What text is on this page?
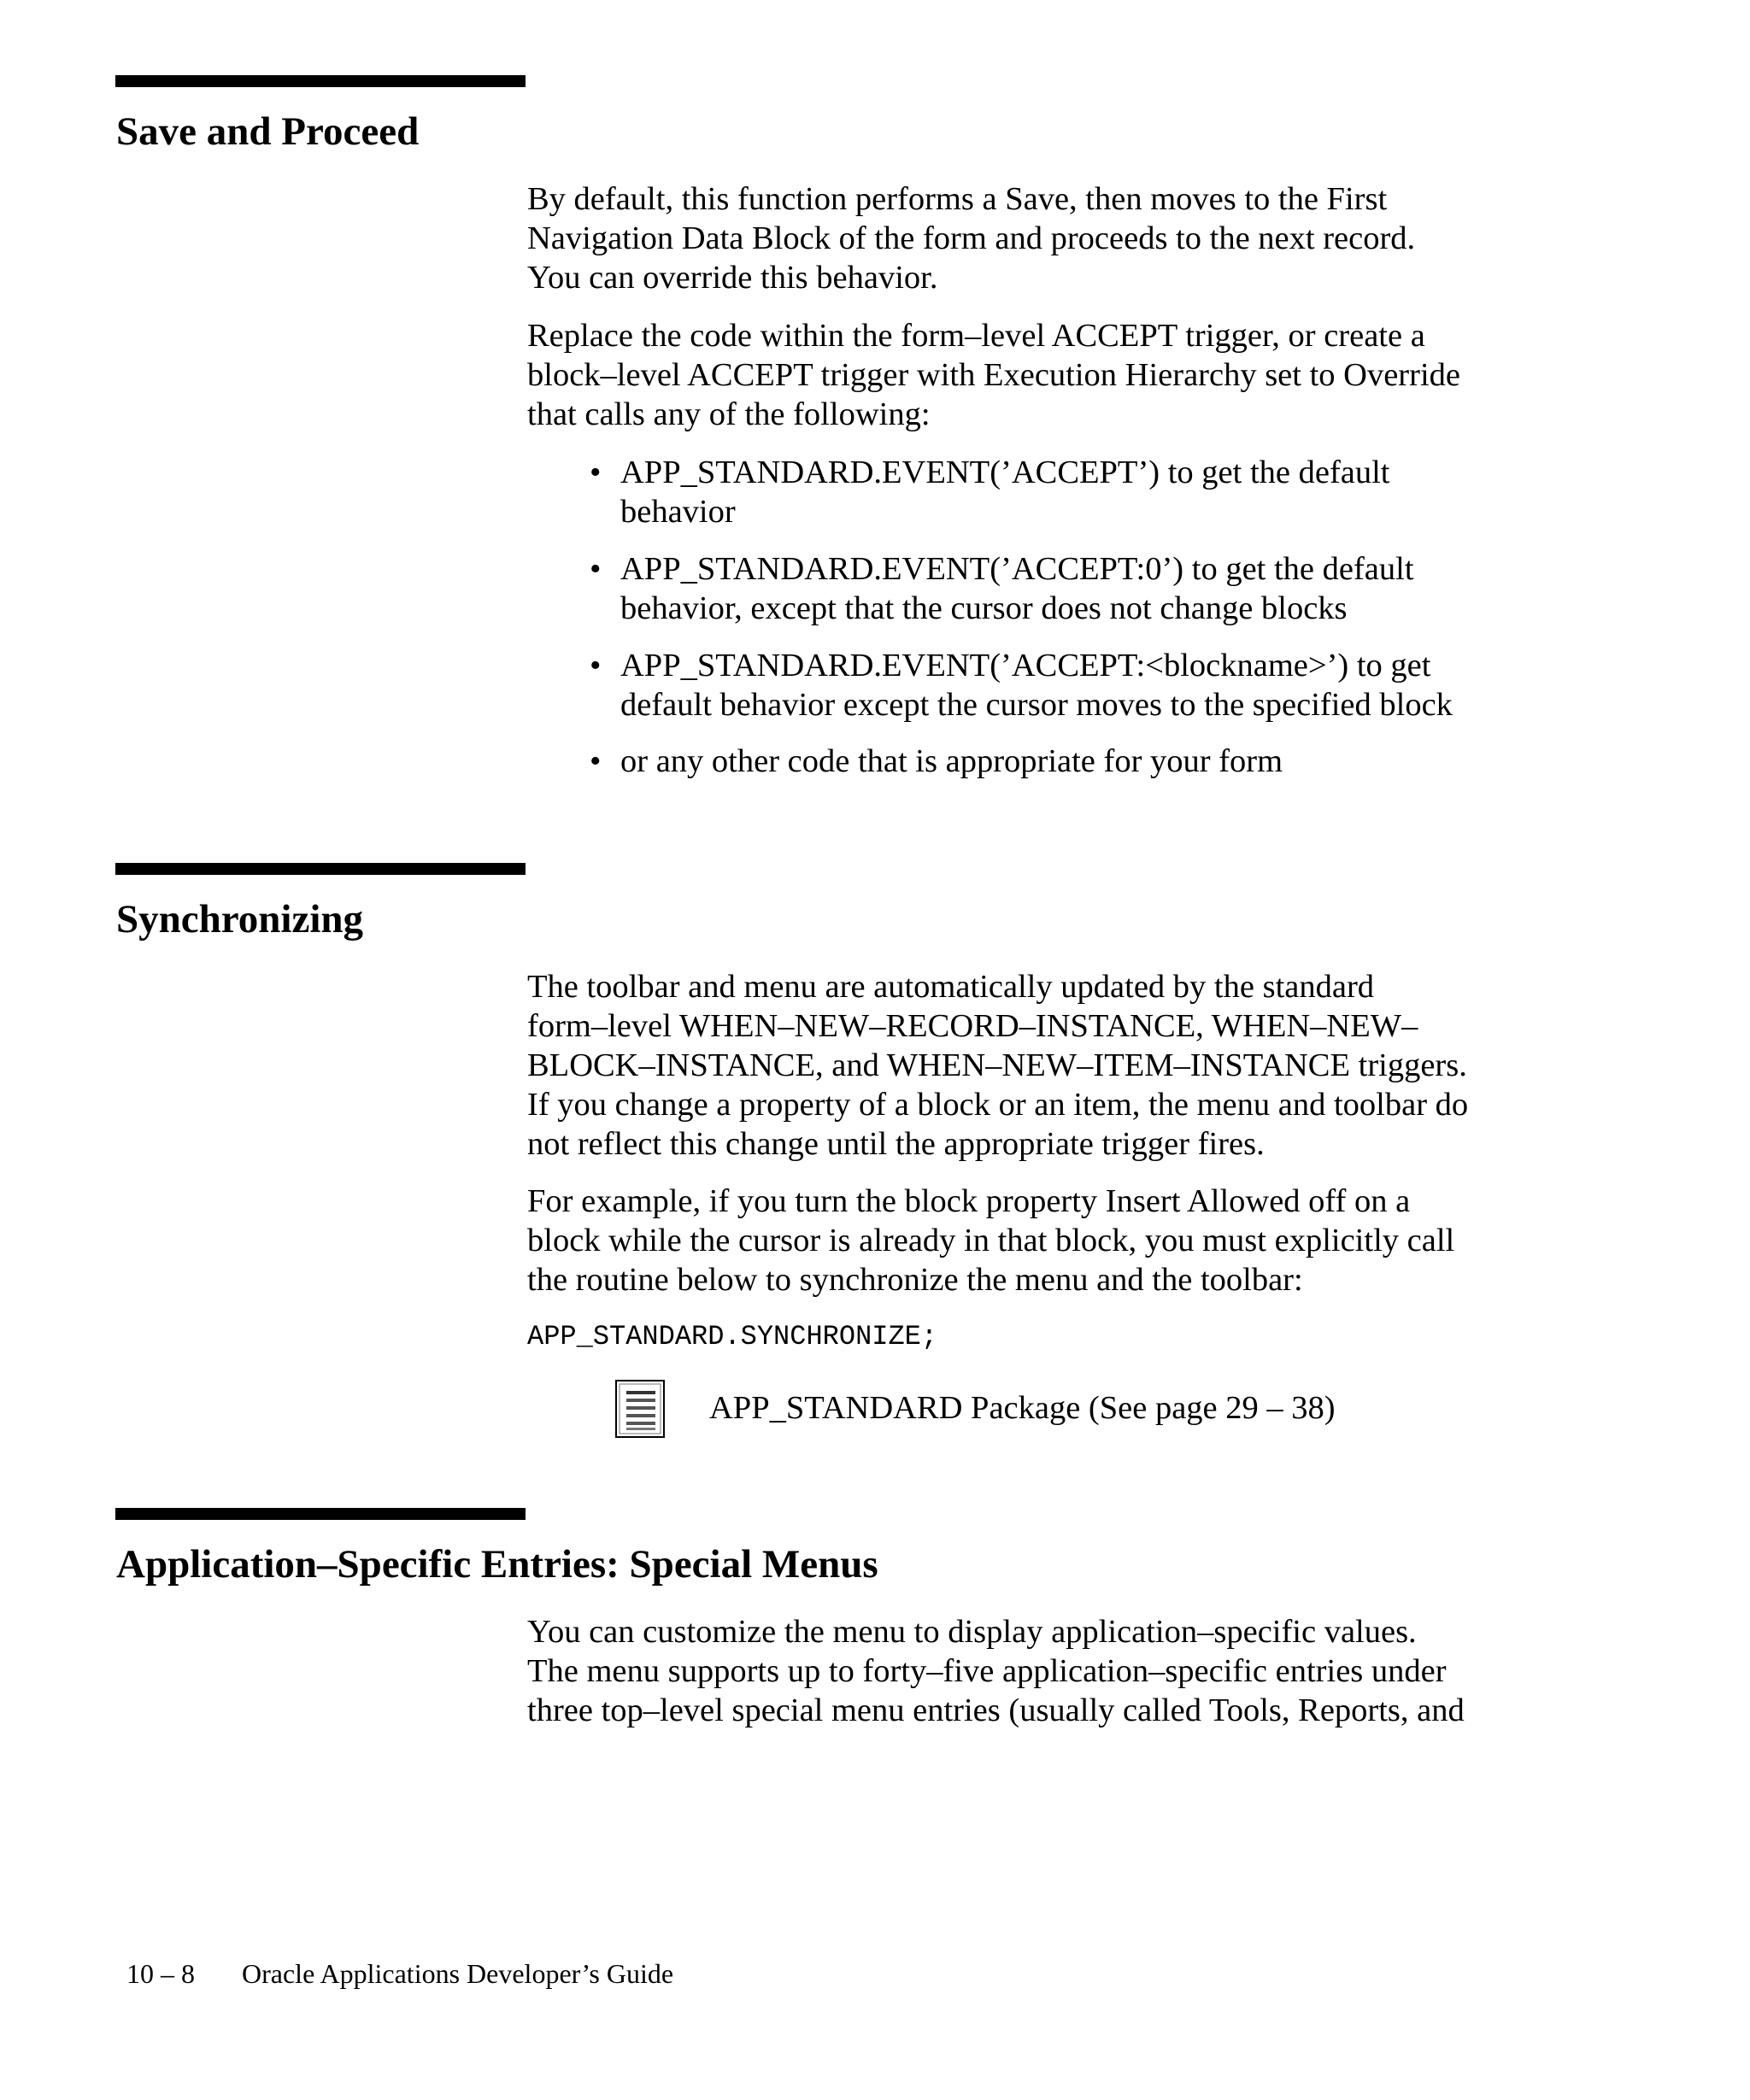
Save and Proceed

By default, this function performs a Save, then moves to the First
Navigation Data Block of the form and proceeds to the next record.
You can override this behavior.

Replace the code within the form–level ACCEPT trigger, or create a
block–level ACCEPT trigger with Execution Hierarchy set to Override
that calls any of the following:

• APP_STANDARD.EVENT(’ACCEPT’) to get the default
behavior
• APP_STANDARD.EVENT(’ACCEPT:0’) to get the default
behavior, except that the cursor does not change blocks
• APP_STANDARD.EVENT(’ACCEPT:<blockname>’) to get
default behavior except the cursor moves to the specified block
• or any other code that is appropriate for your form
Synchronizing

The toolbar and menu are automatically updated by the standard
form–level WHEN–NEW–RECORD–INSTANCE, WHEN–NEW–
BLOCK–INSTANCE, and WHEN–NEW–ITEM–INSTANCE triggers.
If you change a property of a block or an item, the menu and toolbar do
not reflect this change until the appropriate trigger fires.

For example, if you turn the block property Insert Allowed off on a
block while the cursor is already in that block, you must explicitly call
the routine below to synchronize the menu and the toolbar:

APP_STANDARD.SYNCHRONIZE;
APP_STANDARD Package (See page 29 – 38)
Application–Specific Entries: Special Menus

You can customize the menu to display application–specific values.
The menu supports up to forty–five application–specific entries under
three top–level special menu entries (usually called Tools, Reports, and

10 – 8 Oracle Applications Developer’s Guide
